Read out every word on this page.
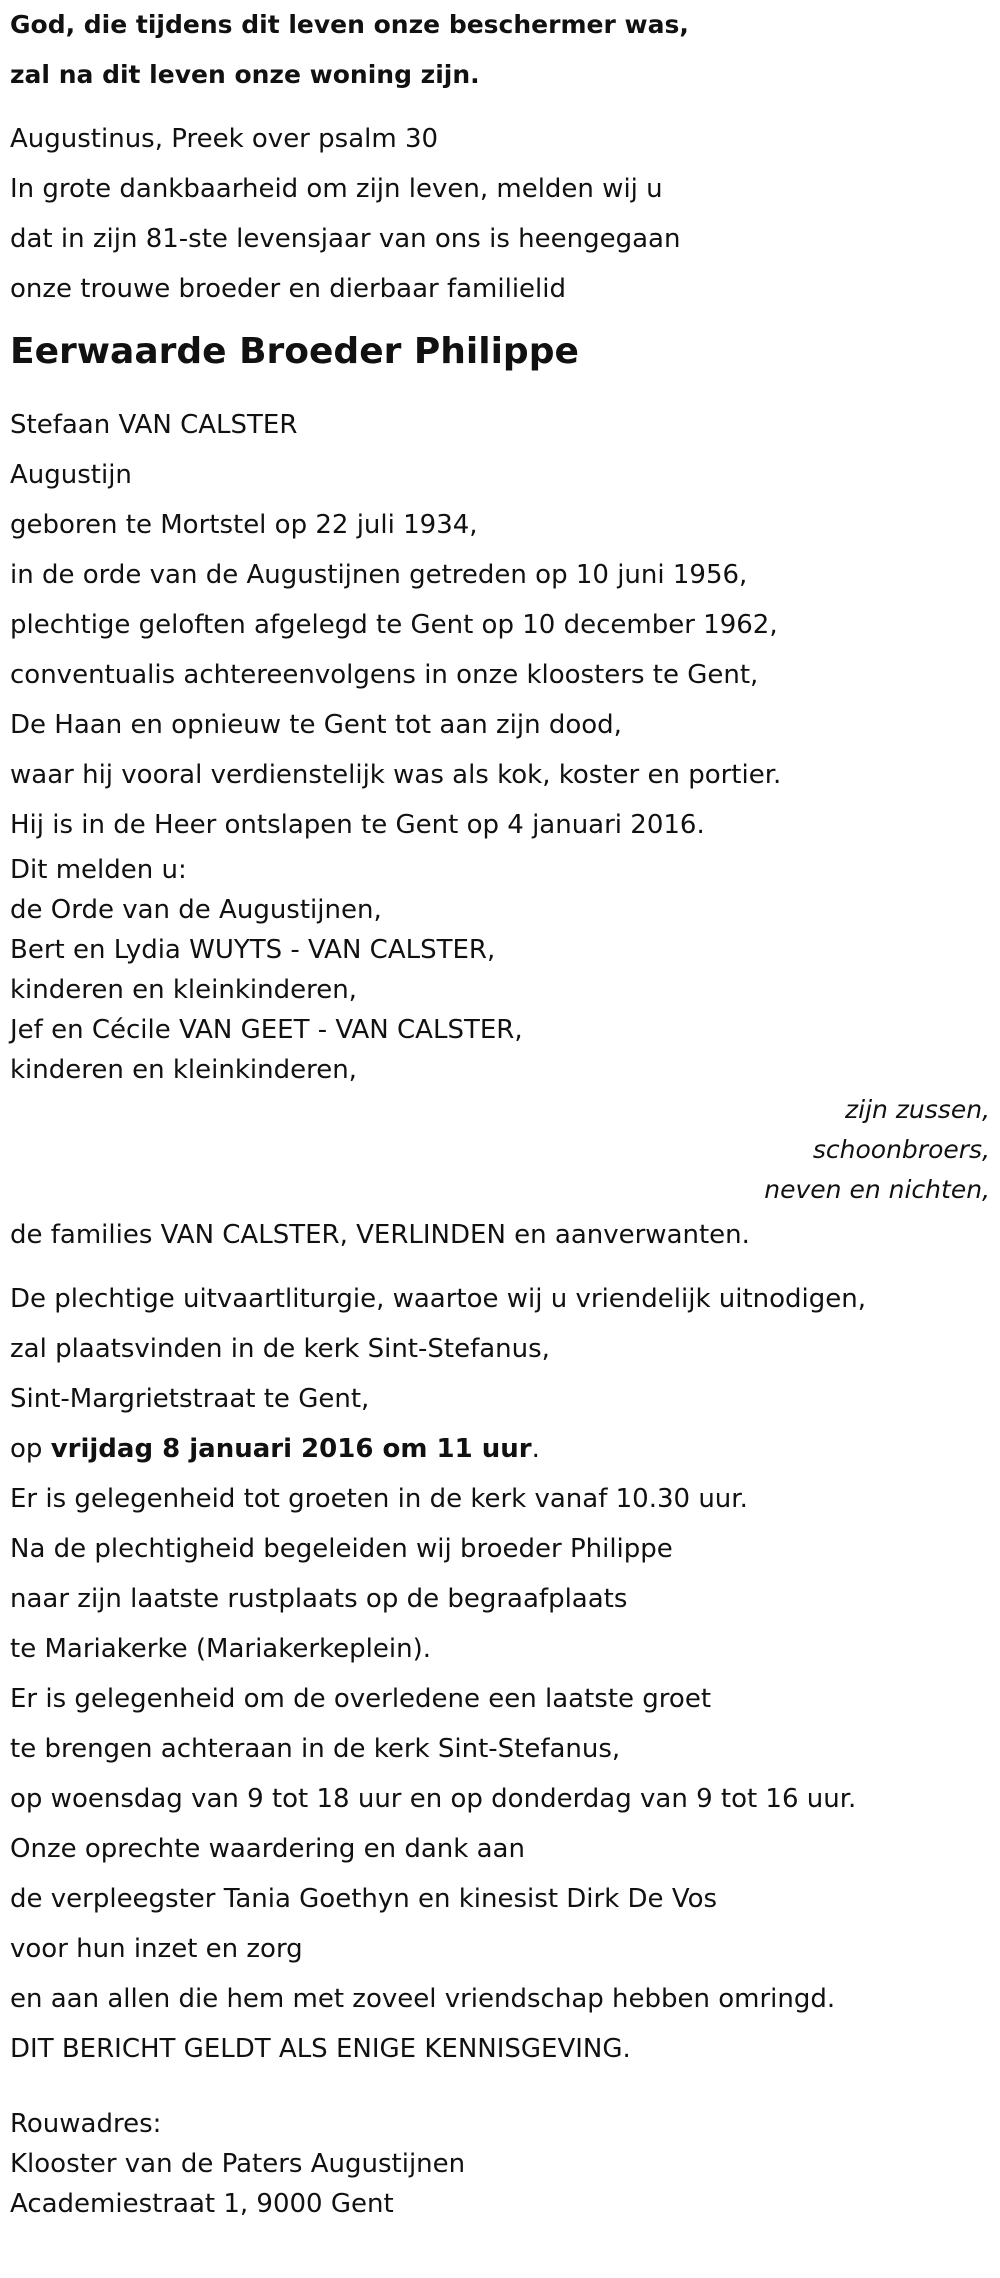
God, die tijdens dit leven onze beschermer was,
zal na dit leven onze woning zijn.
Augustinus, Preek over psalm 30
In grote dankbaarheid om zijn leven, melden wij u
dat in zijn 81-ste levensjaar van ons is heengegaan
onze trouwe broeder en dierbaar familielid
Eerwaarde Broeder Philippe
Stefaan VAN CALSTER
Augustijn
geboren te Mortstel op 22 juli 1934,
in de orde van de Augustijnen getreden op 10 juni 1956,
plechtige geloften afgelegd te Gent op 10 december 1962,
conventualis achtereenvolgens in onze kloosters te Gent,
De Haan en opnieuw te Gent tot aan zijn dood,
waar hij vooral verdienstelijk was als kok, koster en portier.
Hij is in de Heer ontslapen te Gent op 4 januari 2016.
Dit melden u:
de Orde van de Augustijnen,
Bert en Lydia WUYTS - VAN CALSTER,
kinderen en kleinkinderen,
Jef en Cécile VAN GEET - VAN CALSTER,
kinderen en kleinkinderen,
zijn zussen,
schoonbroers,
neven en nichten,
de families VAN CALSTER, VERLINDEN en aanverwanten.
De plechtige uitvaartliturgie, waartoe wij u vriendelijk uitnodigen,
zal plaatsvinden in de kerk Sint-Stefanus,
Sint-Margrietstraat te Gent,
op vrijdag 8 januari 2016 om 11 uur.
Er is gelegenheid tot groeten in de kerk vanaf 10.30 uur.
Na de plechtigheid begeleiden wij broeder Philippe
naar zijn laatste rustplaats op de begraafplaats
te Mariakerke (Mariakerkeplein).
Er is gelegenheid om de overledene een laatste groet
te brengen achteraan in de kerk Sint-Stefanus,
op woensdag van 9 tot 18 uur en op donderdag van 9 tot 16 uur.
Onze oprechte waardering en dank aan
de verpleegster Tania Goethyn en kinesist Dirk De Vos
voor hun inzet en zorg
en aan allen die hem met zoveel vriendschap hebben omringd.
DIT BERICHT GELDT ALS ENIGE KENNISGEVING.
Rouwadres:
Klooster van de Paters Augustijnen
Academiestraat 1, 9000 Gent
